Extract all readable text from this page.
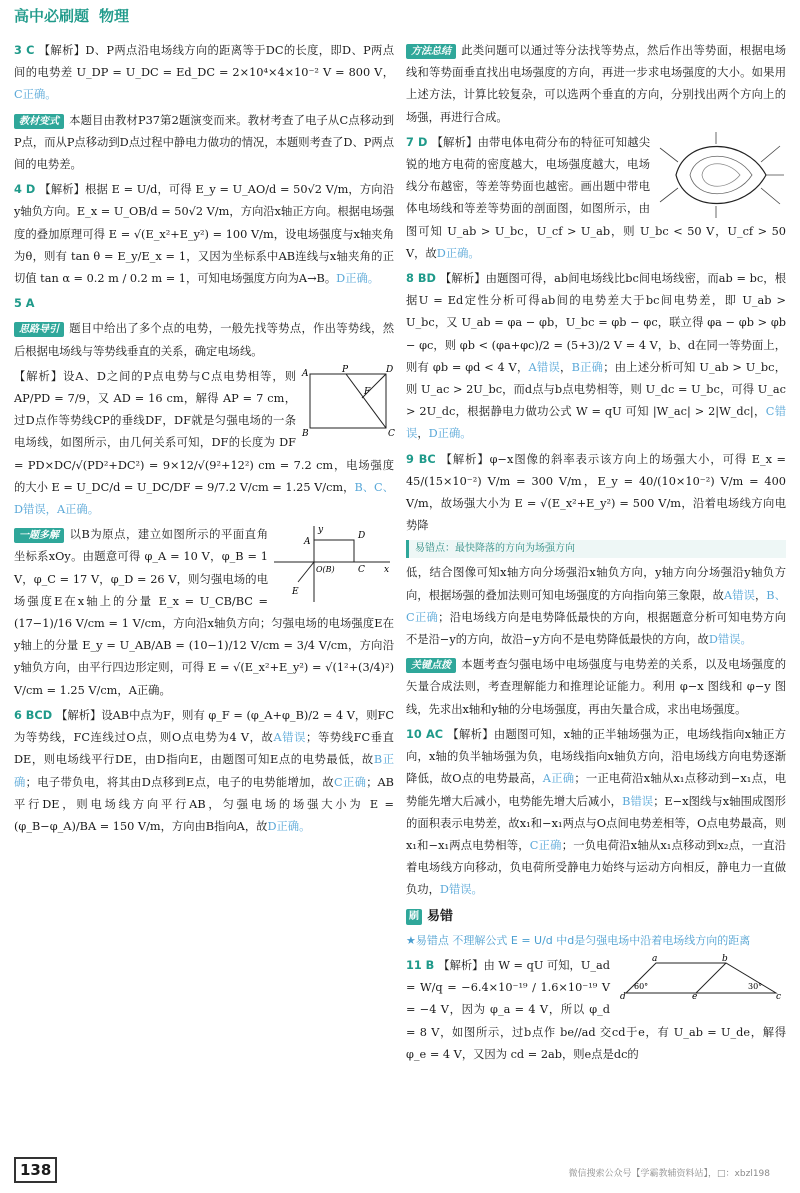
高中必刷题 物理
3 C 【解析】D、P两点沿电场线方向的距离等于DC的长度，即D、P两点间的电势差 U_DP = U_DC = Ed_DC = 2×10⁴×4×10⁻² V = 800 V，C正确。
教材变式 本题目由教材P37第2题演变而来。教材考查了电子从C点移动到P点，而从P点移动到D点过程中静电力做功的情况，本题则考查了D、P两点间的电势差。
4 D 【解析】根据 E = U/d，可得 E_y = U_AO/d = 50√2 V/m，方向沿y轴负方向。E_x = U_OB/d = 50√2 V/m，方向沿x轴正方向。根据电场强度的叠加原理可得 E = √(E_x²+E_y²) = 100 V/m，设电场强度与x轴夹角为θ，则有 tan θ = E_y/E_x = 1，又因为坐标系中AB连线与x轴夹角的正切值 tan α = 0.2 m / 0.2 m = 1，可知电场强度方向为A→B。D正确。
5 A
思路导引 题目中给出了多个点的电势，一般先找等势点，作出等势线，然后根据电场线与等势线垂直的关系，确定电场线。
A	P	D
F
B	C
【解析】设A、D之间的P点电势与C点电势相等，则 AP/PD = 7/9，又 AD = 16 cm，解得 AP = 7 cm，过D点作等势线CP的垂线DF，DF就是匀强电场的一条电场线，如图所示，由几何关系可知，DF的长度为 DF = PD×DC/√(PD²+DC²) = 9×12/√(9²+12²) cm = 7.2 cm，电场强度的大小 E = U_DC/d = U_DC/DF = 9/7.2 V/cm = 1.25 V/cm，B、C、D错误，A正确。
A
D
O(B)	C
y
x
E
一题多解 以B为原点，建立如图所示的平面直角坐标系xOy。由题意可得 φ_A = 10 V，φ_B = 1 V，φ_C = 17 V，φ_D = 26 V，则匀强电场的电场强度E在x轴上的分量 E_x = U_CB/BC = (17−1)/16 V/cm = 1 V/cm，方向沿x轴负方向；匀强电场的电场强度E在y轴上的分量 E_y = U_AB/AB = (10−1)/12 V/cm = 3/4 V/cm，方向沿y轴负方向，由平行四边形定则，可得 E = √(E_x²+E_y²) = √(1²+(3/4)²) V/cm = 1.25 V/cm，A正确。
6 BCD 【解析】设AB中点为F，则有 φ_F = (φ_A+φ_B)/2 = 4 V，则FC为等势线，FC连线过O点，则O点电势为4 V，故A错误；等势线FC垂直DE，则电场线平行DE，由D指向E，由题图可知E点的电势最低，故B正确；电子带负电，将其由D点移到E点，电子的电势能增加，故C正确；AB平行DE，则电场线方向平行AB，匀强电场的场强大小为 E = (φ_B−φ_A)/BA = 150 V/m，方向由B指向A，故D正确。
方法总结 此类问题可以通过等分法找等势点，然后作出等势面，根据电场线和等势面垂直找出电场强度的方向，再进一步求电场强度的大小。如果用上述方法，计算比较复杂，可以选两个垂直的方向，分别找出两个方向上的场强，再进行合成。
7 D 【解析】由带电体电荷分布的特征可知越尖锐的地方电荷的密度越大，电场强度越大，电场线分布越密，等差等势面也越密。画出题中带电体电场线和等差等势面的剖面图，如图所示，由图可知 U_ab > U_bc，U_cf > U_ab，则 U_bc < 50 V，U_cf > 50 V，故D正确。
8 BD 【解析】由题图可得，ab间电场线比bc间电场线密，而ab = bc，根据U = Ed定性分析可得ab间的电势差大于bc间电势差，即 U_ab > U_bc，又 U_ab = φa − φb，U_bc = φb − φc，联立得 φa − φb > φb − φc，则 φb < (φa+φc)/2 = (5+3)/2 V = 4 V，b、d在同一等势面上，则有 φb = φd < 4 V，A错误，B正确；由上述分析可知 U_ab > U_bc，则 U_ac > 2U_bc，而d点与b点电势相等，则 U_dc = U_bc，可得 U_ac > 2U_dc，根据静电力做功公式 W = qU 可知 |W_ac| > 2|W_dc|，C错误，D正确。
9 BC 【解析】φ−x图像的斜率表示该方向上的场强大小，可得 E_x = 45/(15×10⁻²) V/m = 300 V/m，E_y = 40/(10×10⁻²) V/m = 400 V/m，故场强大小为 E = √(E_x²+E_y²) = 500 V/m，沿着电场线方向电势降
易错点：最快降落的方向为场强方向
低，结合图像可知x轴方向分场强沿x轴负方向，y轴方向分场强沿y轴负方向，根据场强的叠加法则可知电场强度的方向指向第三象限，故A错误，B、C正确；沿电场线方向是电势降低最快的方向，根据题意分析可知电势方向不是沿−y的方向，故沿−y方向不是电势降低最快的方向，故D错误。
关键点拨 本题考查匀强电场中电场强度与电势差的关系，以及电场强度的矢量合成法则，考查理解能力和推理论证能力。利用 φ−x 图线和 φ−y 图线，先求出x轴和y轴的分电场强度，再由矢量合成，求出电场强度。
10 AC 【解析】由题图可知，x轴的正半轴场强为正，电场线指向x轴正方向，x轴的负半轴场强为负，电场线指向x轴负方向，沿电场线方向电势逐渐降低，故O点的电势最高，A正确；一正电荷沿x轴从x₁点移动到−x₁点，电势能先增大后减小，电势能先增大后减小，B错误；E−x图线与x轴围成图形的面积表示电势差，故x₁和−x₁两点与O点间电势差相等，O点电势最高，则x₁和−x₁两点电势相等，C正确；一负电荷沿x轴从x₁点移动到x₂点，一直沿着电场线方向移动，负电荷所受静电力始终与运动方向相反，静电力一直做负功，D错误。
刷 易错
★易错点 不理解公式 E = U/d 中d是匀强电场中沿着电场线方向的距离
a	b
d	e	c
60°	30°
11 B 【解析】由 W = qU 可知，U_ad = W/q = −6.4×10⁻¹⁹ / 1.6×10⁻¹⁹ V = −4 V，因为 φ_a = 4 V，所以 φ_d = 8 V，如图所示，过b点作 be//ad 交cd于e，有 U_ab = U_de，解得 φ_e = 4 V，又因为 cd = 2ab，则e点是dc的
138	微信搜索公众号【学霸教辅资料站】，□：xbzl198
